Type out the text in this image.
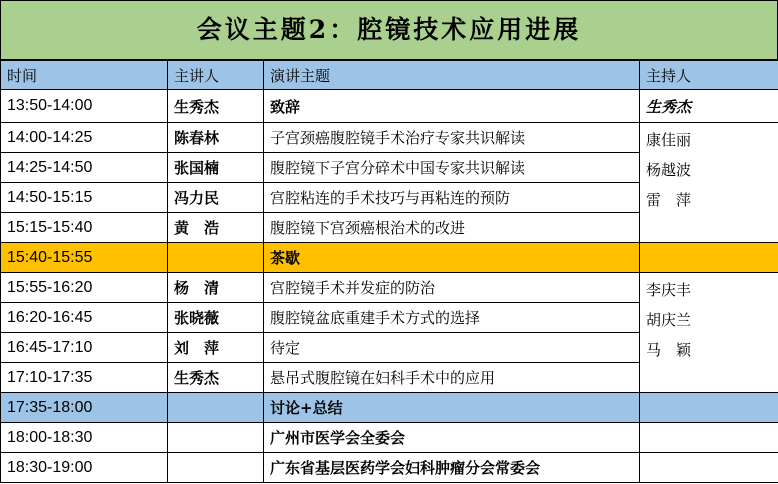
会议主题2：腔镜技术应用进展
时间	主讲人	演讲主题	主持人
13:50-14:00	生秀杰	致辞	生秀杰

14:00-14:25	陈春林	子宫颈癌腹腔镜手术治疗专家共识解读	康佳丽
杨越波
雷　萍

14:25-14:50	张国楠	腹腔镜下子宫分碎术中国专家共识解读	
14:50-15:15	冯力民	宫腔粘连的手术技巧与再粘连的预防	
15:15-15:40	黄　浩	腹腔镜下宫颈癌根治术的改进	
15:40-15:55		茶歇	
15:55-16:20	杨　清	宫腔镜手术并发症的防治	李庆丰
胡庆兰
马　颖

16:20-16:45	张晓薇	腹腔镜盆底重建手术方式的选择	
16:45-17:10	刘　萍	待定	
17:10-17:35	生秀杰	悬吊式腹腔镜在妇科手术中的应用	
17:35-18:00		讨论+总结	
18:00-18:30		广州市医学会全委会	
18:30-19:00		广东省基层医药学会妇科肿瘤分会常委会	
